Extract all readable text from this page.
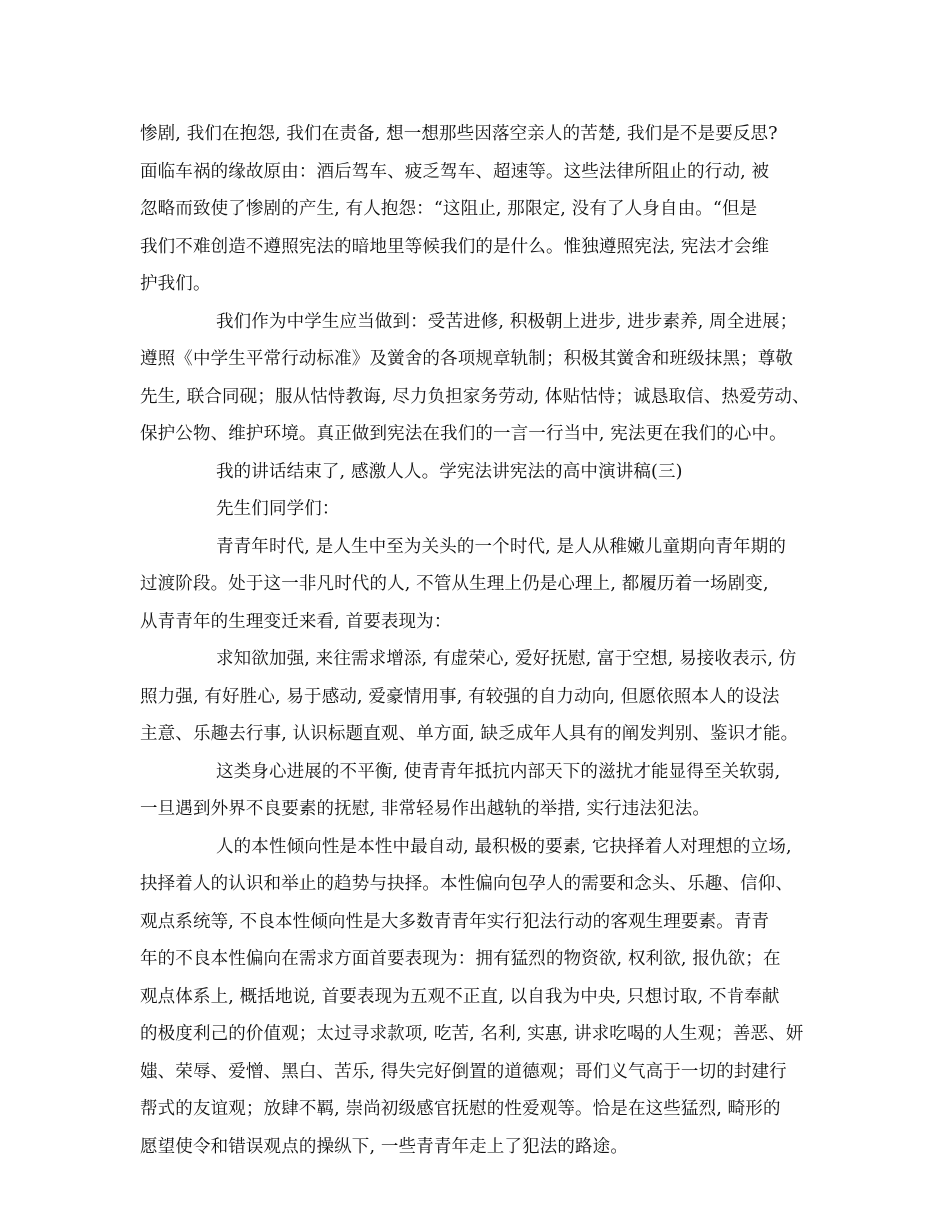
惨剧, 我们在抱怨, 我们在责备, 想一想那些因落空亲人的苦楚, 我们是不是要反思?
面临车祸的缘故原由：酒后驾车、疲乏驾车、超速等。这些法律所阻止的行动, 被
忽略而致使了惨剧的产生, 有人抱怨：“这阻止, 那限定, 没有了人身自由。“但是
我们不难创造不遵照宪法的暗地里等候我们的是什么。惟独遵照宪法, 宪法才会维
护我们。
我们作为中学生应当做到：受苦进修, 积极朝上进步, 进步素养, 周全进展；
遵照《中学生平常行动标准》及黉舍的各项规章轨制；积极其黉舍和班级抹黑；尊敬
先生, 联合同砚；服从怙恃教诲, 尽力负担家务劳动, 体贴怙恃；诚恳取信、热爱劳动、
保护公物、维护环境。真正做到宪法在我们的一言一行当中, 宪法更在我们的心中。
我的讲话结束了, 感激人人。学宪法讲宪法的高中演讲稿(三)
先生们同学们：
青青年时代, 是人生中至为关头的一个时代, 是人从稚嫩儿童期向青年期的
过渡阶段。处于这一非凡时代的人, 不管从生理上仍是心理上, 都履历着一场剧变,
从青青年的生理变迁来看, 首要表现为：
求知欲加强, 来往需求增添, 有虚荣心, 爱好抚慰, 富于空想, 易接收表示, 仿
照力强, 有好胜心, 易于感动, 爱豪情用事, 有较强的自力动向, 但愿依照本人的设法
主意、乐趣去行事, 认识标题直观、单方面, 缺乏成年人具有的阐发判别、鉴识才能。
这类身心进展的不平衡, 使青青年抵抗内部天下的滋扰才能显得至关软弱,
一旦遇到外界不良要素的抚慰, 非常轻易作出越轨的举措, 实行违法犯法。
人的本性倾向性是本性中最自动, 最积极的要素, 它抉择着人对理想的立场,
抉择着人的认识和举止的趋势与抉择。本性偏向包孕人的需要和念头、乐趣、信仰、
观点系统等, 不良本性倾向性是大多数青青年实行犯法行动的客观生理要素。青青
年的不良本性偏向在需求方面首要表现为：拥有猛烈的物资欲, 权利欲, 报仇欲；在
观点体系上, 概括地说, 首要表现为五观不正直, 以自我为中央, 只想讨取, 不肯奉献
的极度利己的价值观；太过寻求款项, 吃苦, 名利, 实惠, 讲求吃喝的人生观；善恶、妍
媸、荣辱、爱憎、黑白、苦乐, 得失完好倒置的道德观；哥们义气高于一切的封建行
帮式的友谊观；放肆不羁, 崇尚初级感官抚慰的性爱观等。恰是在这些猛烈, 畸形的
愿望使令和错误观点的操纵下, 一些青青年走上了犯法的路途。
